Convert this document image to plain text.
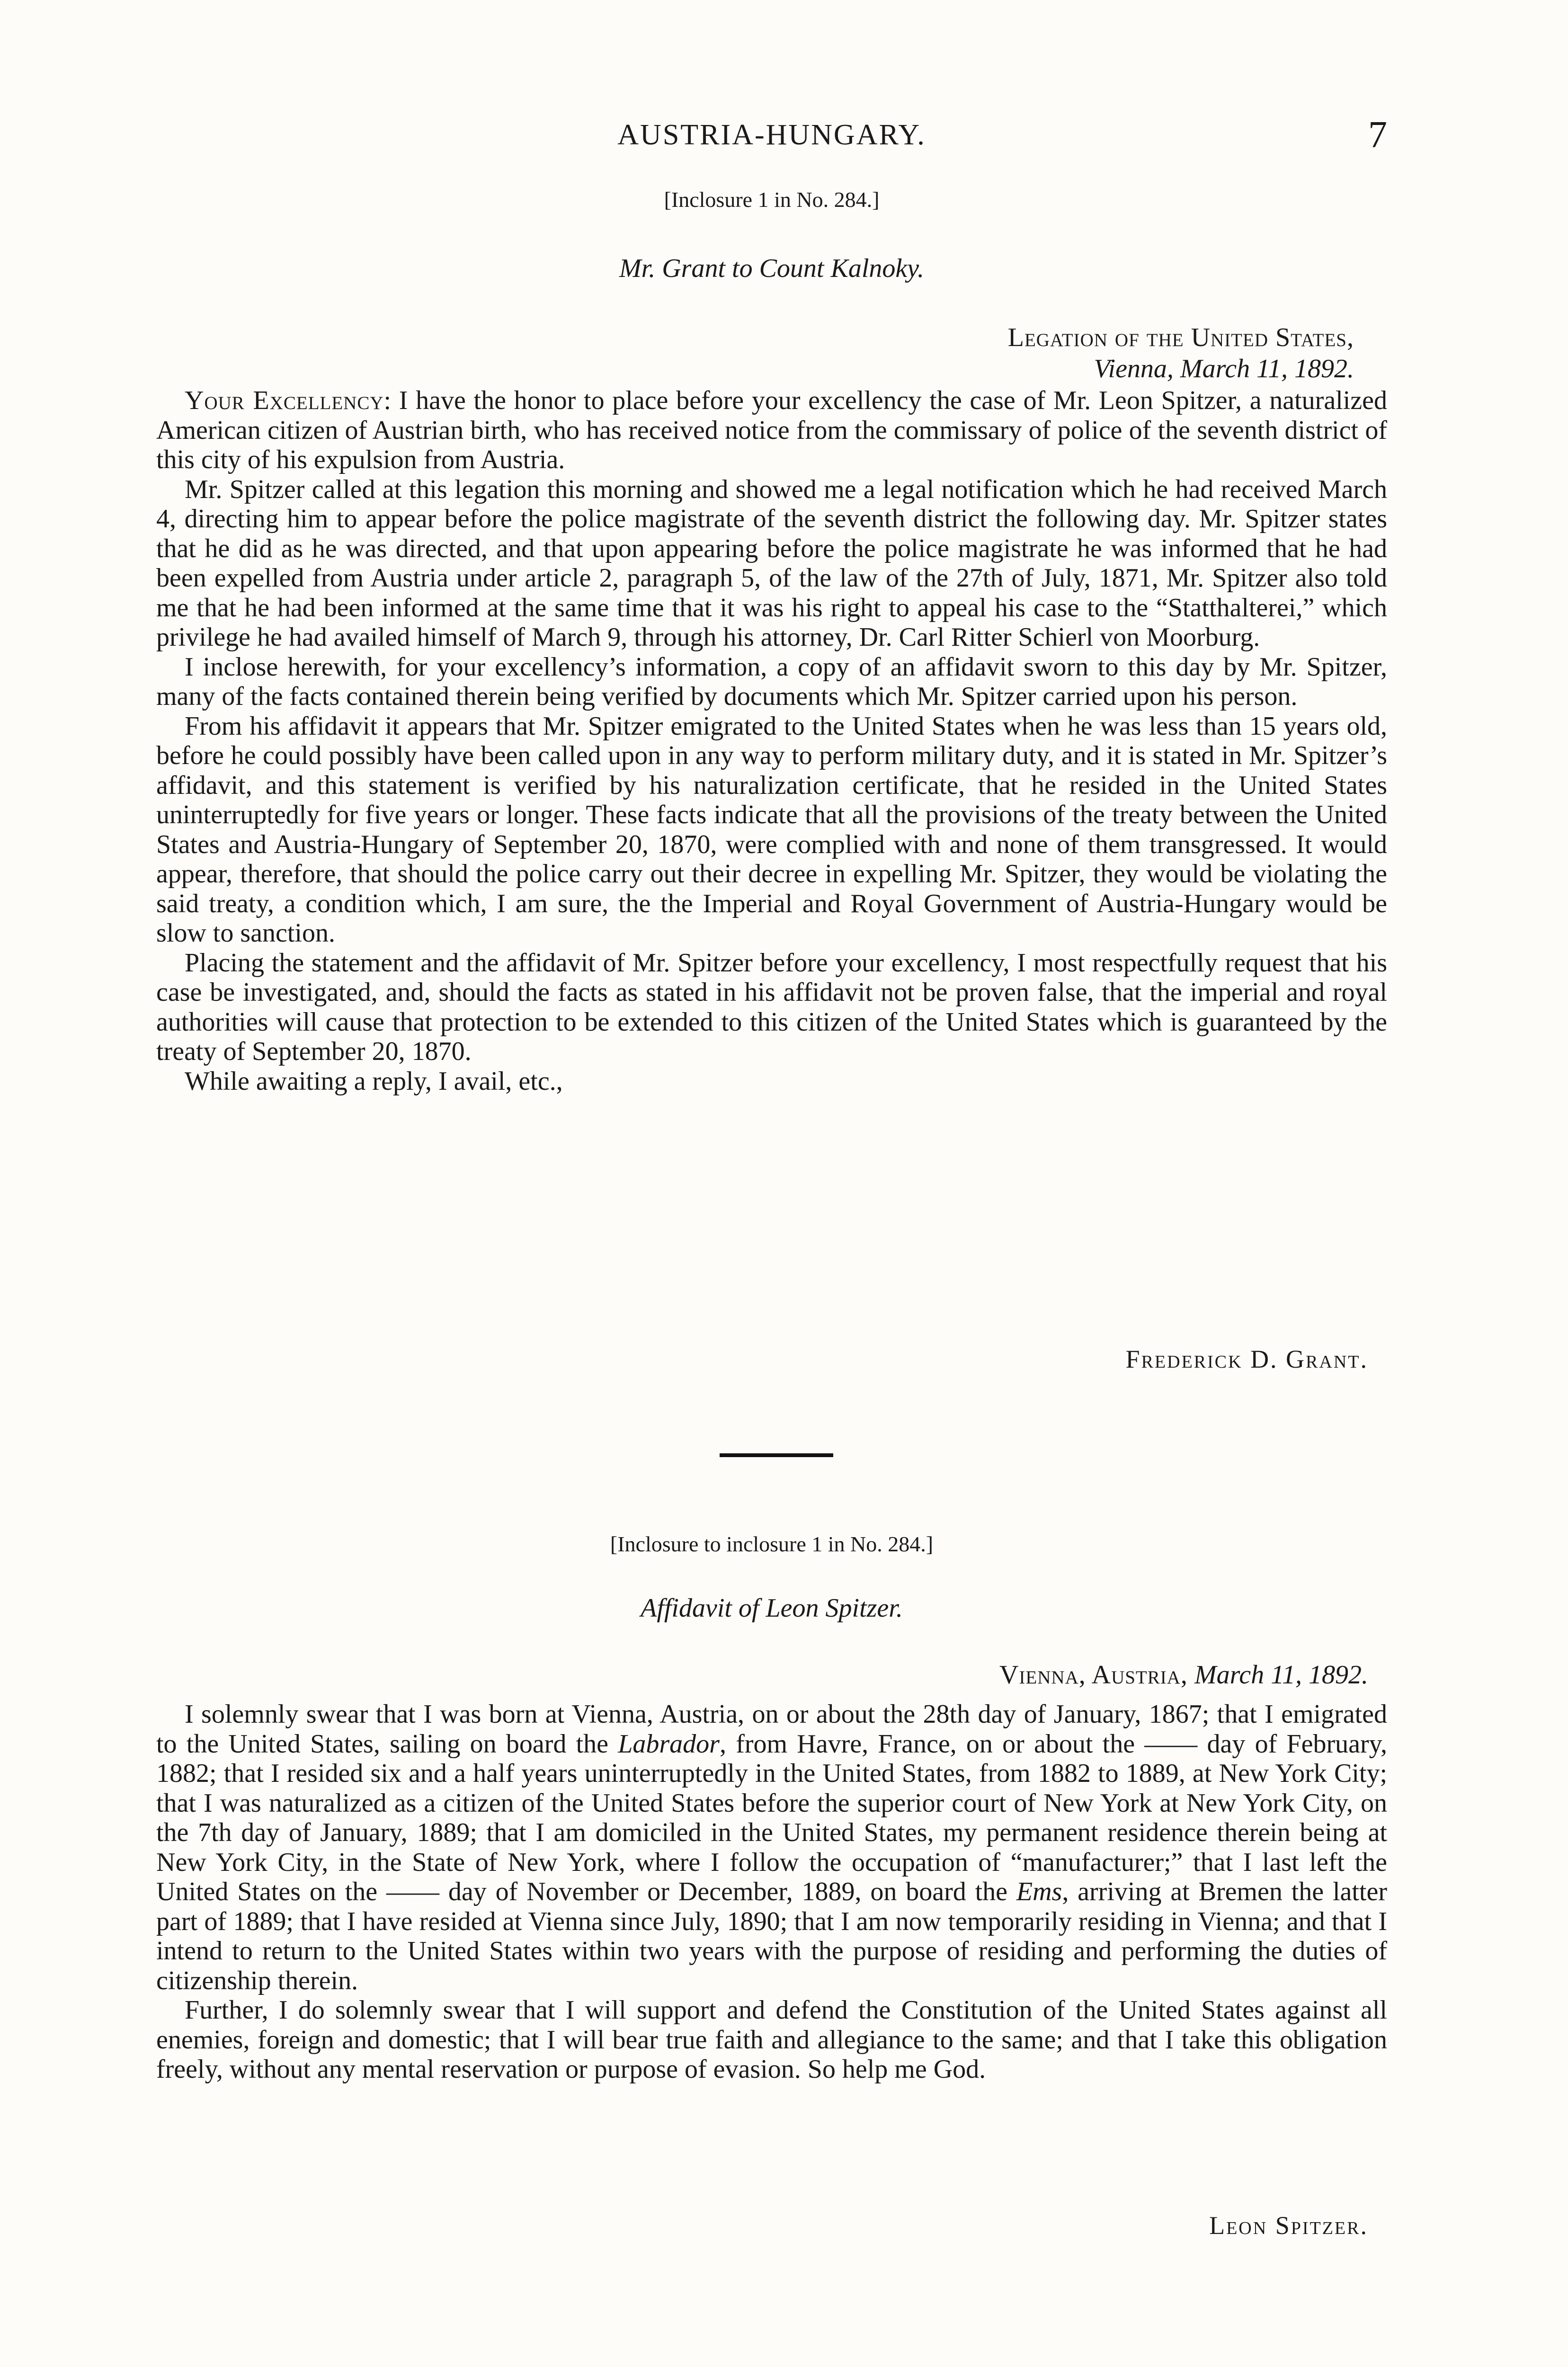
AUSTRIA-HUNGARY.	7
[Inclosure 1 in No. 284.]
Mr. Grant to Count Kalnoky.
Legation of the United States,
Vienna, March 11, 1892.

Your Excellency: I have the honor to place before your excellency the case of Mr. Leon Spitzer, a naturalized American citizen of Austrian birth, who has received notice from the commissary of police of the seventh district of this city of his expulsion from Austria.

Mr. Spitzer called at this legation this morning and showed me a legal notification which he had received March 4, directing him to appear before the police magistrate of the seventh district the following day. Mr. Spitzer states that he did as he was directed, and that upon appearing before the police magistrate he was informed that he had been expelled from Austria under article 2, paragraph 5, of the law of the 27th of July, 1871, Mr. Spitzer also told me that he had been informed at the same time that it was his right to appeal his case to the “Statthalterei,” which privilege he had availed himself of March 9, through his attorney, Dr. Carl Ritter Schierl von Moorburg.

I inclose herewith, for your excellency’s information, a copy of an affidavit sworn to this day by Mr. Spitzer, many of the facts contained therein being verified by documents which Mr. Spitzer carried upon his person.

From his affidavit it appears that Mr. Spitzer emigrated to the United States when he was less than 15 years old, before he could possibly have been called upon in any way to perform military duty, and it is stated in Mr. Spitzer’s affidavit, and this statement is verified by his naturalization certificate, that he resided in the United States uninterruptedly for five years or longer. These facts indicate that all the provisions of the treaty between the United States and Austria-Hungary of September 20, 1870, were complied with and none of them transgressed. It would appear, therefore, that should the police carry out their decree in expelling Mr. Spitzer, they would be violating the said treaty, a condition which, I am sure, the the Imperial and Royal Government of Austria-Hungary would be slow to sanction.

Placing the statement and the affidavit of Mr. Spitzer before your excellency, I most respectfully request that his case be investigated, and, should the facts as stated in his affidavit not be proven false, that the imperial and royal authorities will cause that protection to be extended to this citizen of the United States which is guaranteed by the treaty of September 20, 1870.

While awaiting a reply, I avail, etc.,

Frederick D. Grant.
[Inclosure to inclosure 1 in No. 284.]
Affidavit of Leon Spitzer.
Vienna, Austria, March 11, 1892.

I solemnly swear that I was born at Vienna, Austria, on or about the 28th day of January, 1867; that I emigrated to the United States, sailing on board the Labrador, from Havre, France, on or about the —— day of February, 1882; that I resided six and a half years uninterruptedly in the United States, from 1882 to 1889, at New York City; that I was naturalized as a citizen of the United States before the superior court of New York at New York City, on the 7th day of January, 1889; that I am domiciled in the United States, my permanent residence therein being at New York City, in the State of New York, where I follow the occupation of “manufacturer;” that I last left the United States on the —— day of November or December, 1889, on board the Ems, arriving at Bremen the latter part of 1889; that I have resided at Vienna since July, 1890; that I am now temporarily residing in Vienna; and that I intend to return to the United States within two years with the purpose of residing and performing the duties of citizenship therein.

Further, I do solemnly swear that I will support and defend the Constitution of the United States against all enemies, foreign and domestic; that I will bear true faith and allegiance to the same; and that I take this obligation freely, without any mental reservation or purpose of evasion. So help me God.

Leon Spitzer.
